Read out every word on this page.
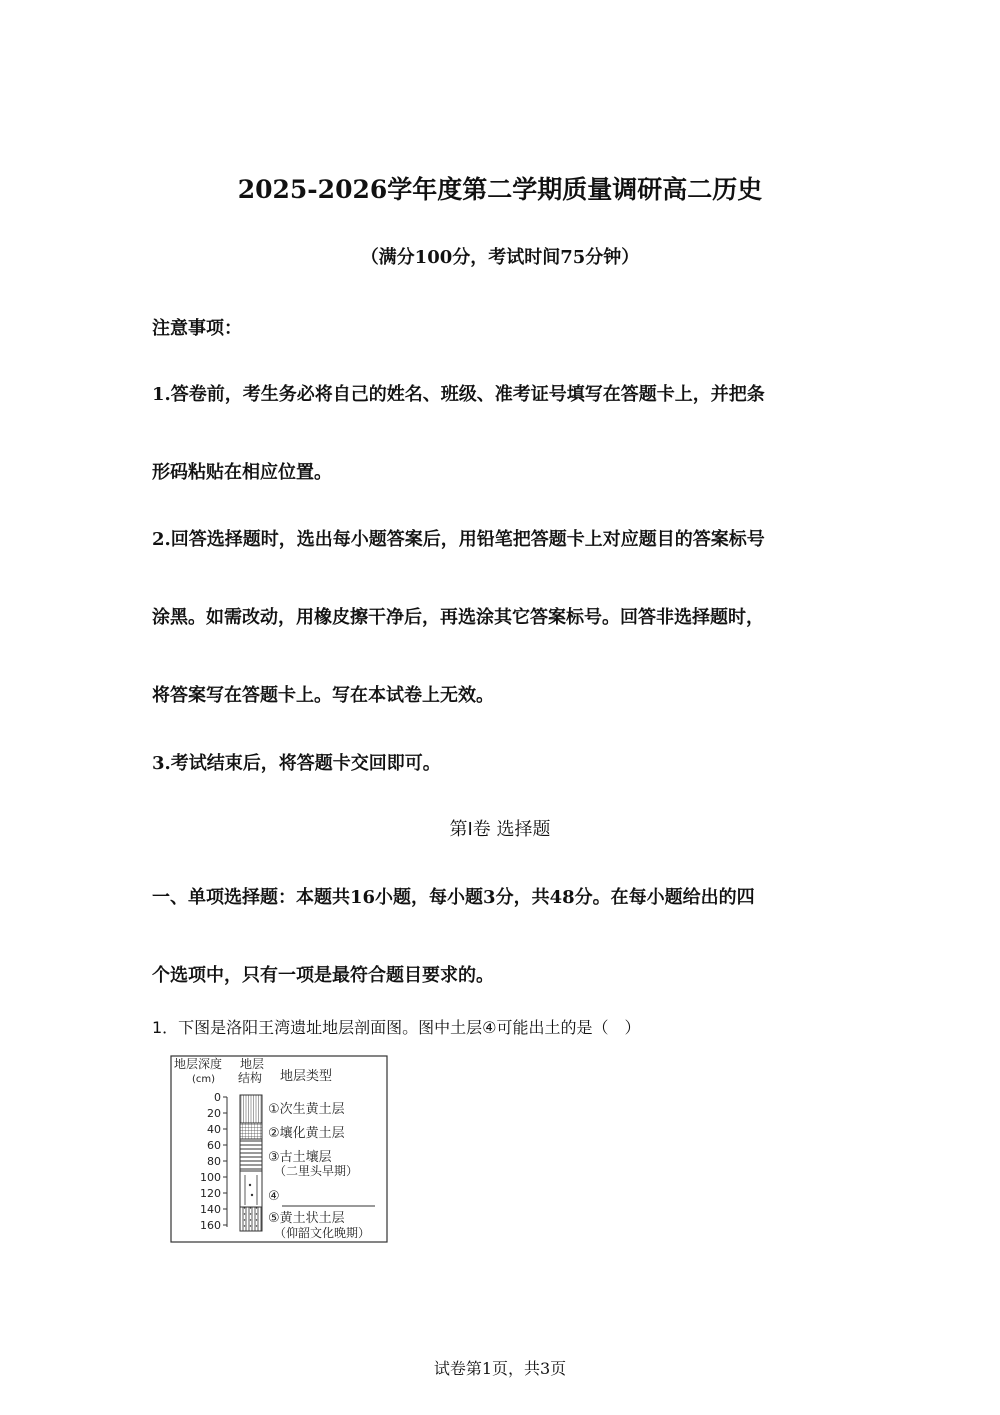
2025-2026学年度第二学期质量调研高二历史
（满分100分，考试时间75分钟）
注意事项：
1.答卷前，考生务必将自己的姓名、班级、准考证号填写在答题卡上，并把条
形码粘贴在相应位置。
2.回答选择题时，选出每小题答案后，用铅笔把答题卡上对应题目的答案标号
涂黑。如需改动，用橡皮擦干净后，再选涂其它答案标号。回答非选择题时，
将答案写在答题卡上。写在本试卷上无效。
3.考试结束后，将答题卡交回即可。
第Ⅰ卷 选择题
一、单项选择题：本题共16小题，每小题3分，共48分。在每小题给出的四
个选项中，只有一项是最符合题目要求的。
1．下图是洛阳王湾遗址地层剖面图。图中土层④可能出土的是（　）
地层深度
(cm)
地层
结构 地层类型
0
20
40
60
80
100
120
140
160
①次生黄土层
②壤化黄土层
③古土壤层
（二里头早期）
④
⑤黄土状土层
（仰韶文化晚期）
试卷第1页，共3页
